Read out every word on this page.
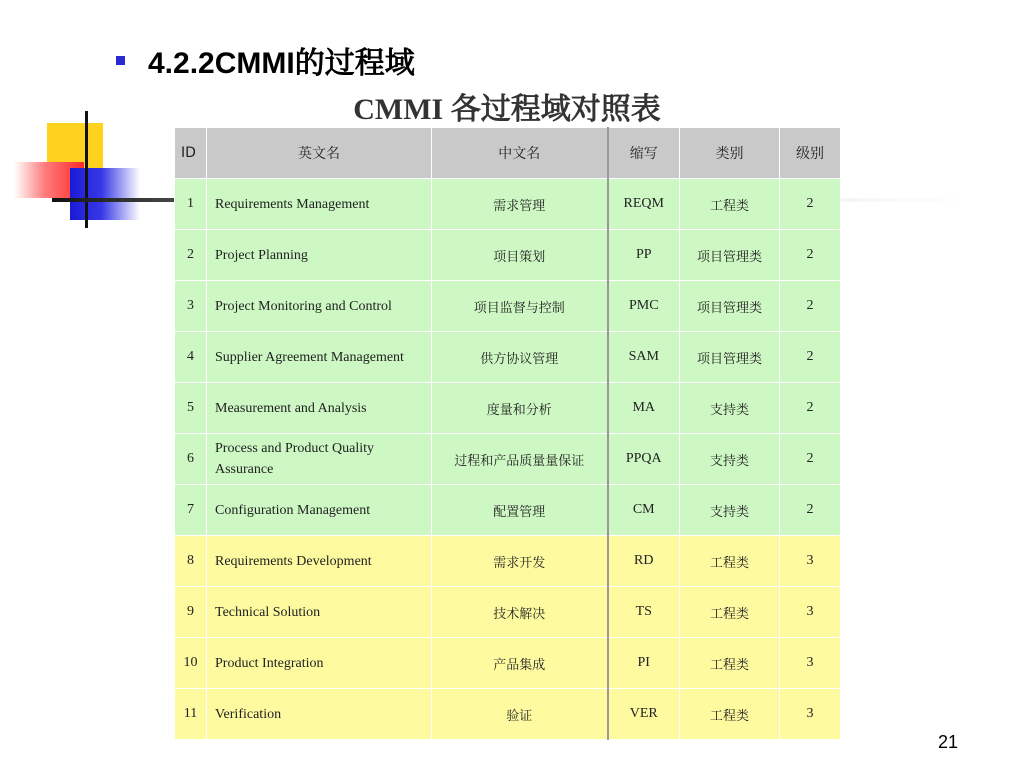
4.2.2CMMI的过程域
CMMI 各过程域对照表
ID	英文名	中文名	缩写	类别	级别
1	Requirements Management	需求管理	REQM	工程类	2
2	Project Planning	项目策划	PP	项目管理类	2
3	Project Monitoring and Control	项目监督与控制	PMC	项目管理类	2
4	Supplier Agreement Management	供方协议管理	SAM	项目管理类	2
5	Measurement and Analysis	度量和分析	MA	支持类	2
6	Process and Product Quality Assurance	过程和产品质量量保证	PPQA	支持类	2
7	Configuration Management	配置管理	CM	支持类	2
8	Requirements Development	需求开发	RD	工程类	3
9	Technical Solution	技术解决	TS	工程类	3
10	Product Integration	产品集成	PI	工程类	3
11	Verification	验证	VER	工程类	3

21
